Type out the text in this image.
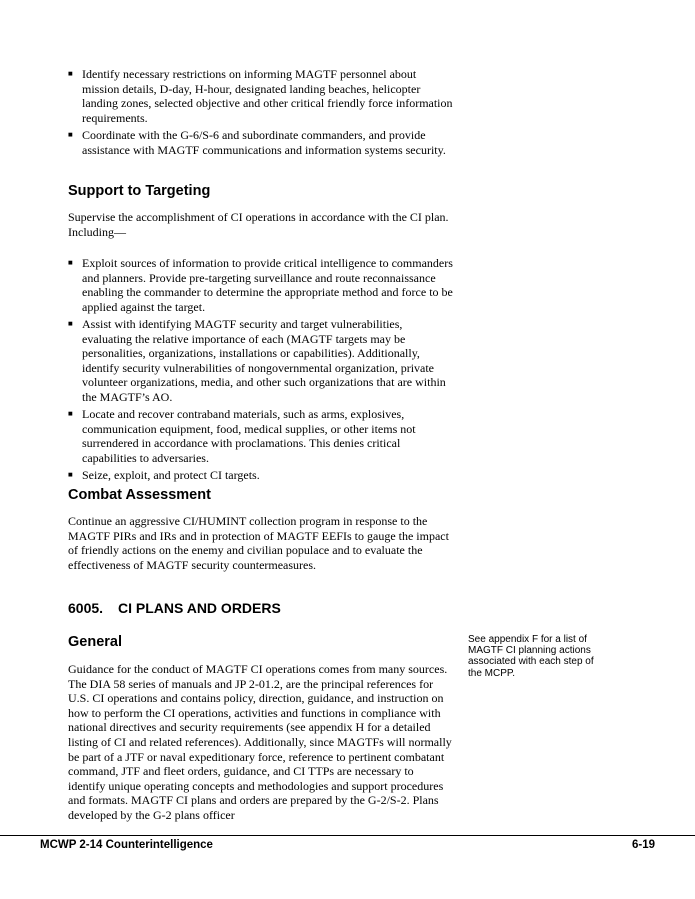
■ Identify necessary restrictions on informing MAGTF personnel about mission details, D-day, H-hour, designated landing beaches, helicopter landing zones, selected objective and other critical friendly force information requirements.
■ Coordinate with the G-6/S-6 and subordinate commanders, and provide assistance with MAGTF communications and information systems security.
Support to Targeting
Supervise the accomplishment of CI operations in accordance with the CI plan. Including—
■ Exploit sources of information to provide critical intelligence to commanders and planners. Provide pre-targeting surveillance and route reconnaissance enabling the commander to determine the appropriate method and force to be applied against the target.
■ Assist with identifying MAGTF security and target vulnerabilities, evaluating the relative importance of each (MAGTF targets may be personalities, organizations, installations or capabilities). Additionally, identify security vulnerabilities of nongovernmental organization, private volunteer organizations, media, and other such organizations that are within the MAGTF’s AO.
■ Locate and recover contraband materials, such as arms, explosives, communication equipment, food, medical supplies, or other items not surrendered in accordance with proclamations. This denies critical capabilities to adversaries.
■ Seize, exploit, and protect CI targets.
Combat Assessment
Continue an aggressive CI/HUMINT collection program in response to the MAGTF PIRs and IRs and in protection of MAGTF EEFIs to gauge the impact of friendly actions on the enemy and civilian populace and to evaluate the effectiveness of MAGTF security countermeasures.
6005. CI PLANS AND ORDERS
General
Guidance for the conduct of MAGTF CI operations comes from many sources. The DIA 58 series of manuals and JP 2-01.2, are the principal references for U.S. CI operations and contains policy, direction, guidance, and instruction on how to perform the CI operations, activities and functions in compliance with national directives and security requirements (see appendix H for a detailed listing of CI and related references). Additionally, since MAGTFs will normally be part of a JTF or naval expeditionary force, reference to pertinent combatant command, JTF and fleet orders, guidance, and CI TTPs are necessary to identify unique operating concepts and methodologies and support procedures and formats. MAGTF CI plans and orders are prepared by the G-2/S-2. Plans developed by the G-2 plans officer
See appendix F for a list of MAGTF CI planning actions associated with each step of the MCPP.
MCWP 2-14 Counterintelligence	6-19
